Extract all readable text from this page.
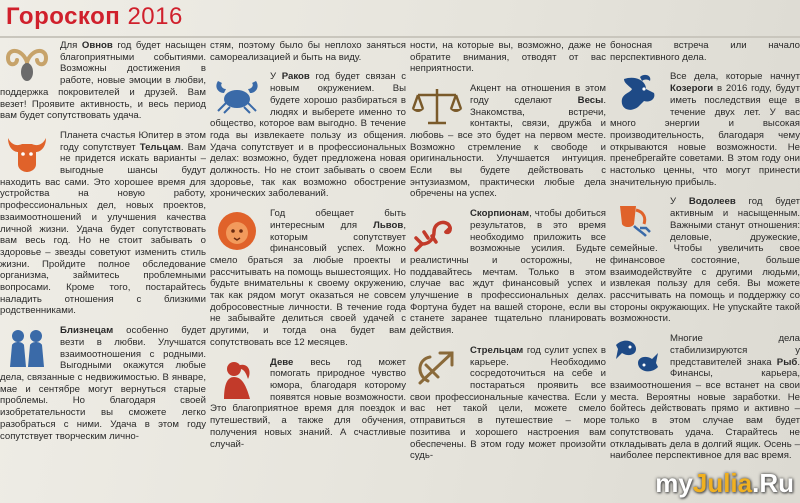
Гороскоп 2016

Для Овнов год будет насыщен благоприятными событиями. Возможны достижения в работе, новые эмоции в любви, поддержка покровителей и друзей. Вам везет! Проявите активность, и весь период вам будет сопутствовать удача.

Планета счастья Юпитер в этом году сопутствует Тельцам. Вам не придется искать варианты – выгодные шансы будут находить вас сами. Это хорошее время для устройства на новую работу, профессиональных дел, новых проектов, взаимоотношений и улучшения качества личной жизни. Удача будет сопутствовать вам весь год. Но не стоит забывать о здоровье – звезды советуют изменить стиль жизни. Пройдите полное обследование организма, займитесь проблемными вопросами. Кроме того, постарайтесь наладить отношения с близкими родственниками.

Близнецам особенно будет везти в любви. Улучшатся взаимоотношения с родными. Выгодными окажутся любые дела, связанные с недвижимостью. В январе, мае и сентябре могут вернуться старые проблемы. Но благодаря своей изобретательности вы сможете легко разобраться с ними. Удача в этом году сопутствует творческим лично-

стям, поэтому было бы неплохо заняться самореализацией и быть на виду.

У Раков год будет связан с новым окружением. Вы будете хорошо разбираться в людях и выберете именно то общество, которое вам выгодно. В течение года вы извлекаете пользу из общения. Удача сопутствует и в профессиональных делах: возможно, будет предложена новая должность. Но не стоит забывать о своем здоровье, так как возможно обострение хронических заболеваний.

Год обещает быть интересным для Львов, которым сопутствует финансовый успех. Можно смело браться за любые проекты и рассчитывать на помощь вышестоящих. Но будьте внимательны к своему окружению, так как рядом могут оказаться не совсем добросовестные личности. В течение года не забывайте делиться своей удачей с другими, и тогда она будет вам сопутствовать все 12 месяцев.

Деве весь год может помогать природное чувство юмора, благодаря которому появятся новые возможности. Это благоприятное время для поездок и путешествий, а также для обучения, получения новых знаний. А счастливые случай-

ности, на которые вы, возможно, даже не обратите внимания, отводят от вас неприятности.

Акцент на отношения в этом году сделают Весы. Знакомства, встречи, контакты, связи, дружба и любовь – все это будет на первом месте. Возможно стремление к свободе и оригинальности. Улучшается интуиция. Если вы будете действовать с энтузиазмом, практически любые дела обречены на успех.

Скорпионам, чтобы добиться результатов, в это время необходимо приложить все возможные усилия. Будьте реалистичны и осторожны, не поддавайтесь мечтам. Только в этом случае вас ждут финансовый успех и улучшение в профессиональных делах. Фортуна будет на вашей стороне, если вы станете заранее тщательно планировать действия.

Стрельцам год сулит успех в карьере. Необходимо сосредоточиться на себе и постараться проявить все свои профессиональные качества. Если у вас нет такой цели, можете смело отправиться в путешествие – море позитива и хорошего настроения вам обеспечены. В этом году может произойти судь-

боносная встреча или начало перспективного дела.

Все дела, которые начнут Козероги в 2016 году, будут иметь последствия еще в течение двух лет. У вас много энергии и высокая производительность, благодаря чему открываются новые возможности. Не пренебрегайте советами. В этом году они настолько ценны, что могут принести значительную прибыль.

У Водолеев год будет активным и насыщенным. Важными станут отношения: деловые, дружеские, семейные. Чтобы увеличить свое финансовое состояние, больше взаимодействуйте с другими людьми, извлекая пользу для себя. Вы можете рассчитывать на помощь и поддержку со стороны окружающих. Не упускайте такой возможности.

Многие дела стабилизируются у представителей знака Рыб. Финансы, карьера, взаимоотношения – все встанет на свои места. Вероятны новые заработки. Не бойтесь действовать прямо и активно – только в этом случае вам будет сопутствовать удача. Старайтесь не откладывать дела в долгий ящик. Осень – наиболее перспективное для вас время.

myJulia.Ru
